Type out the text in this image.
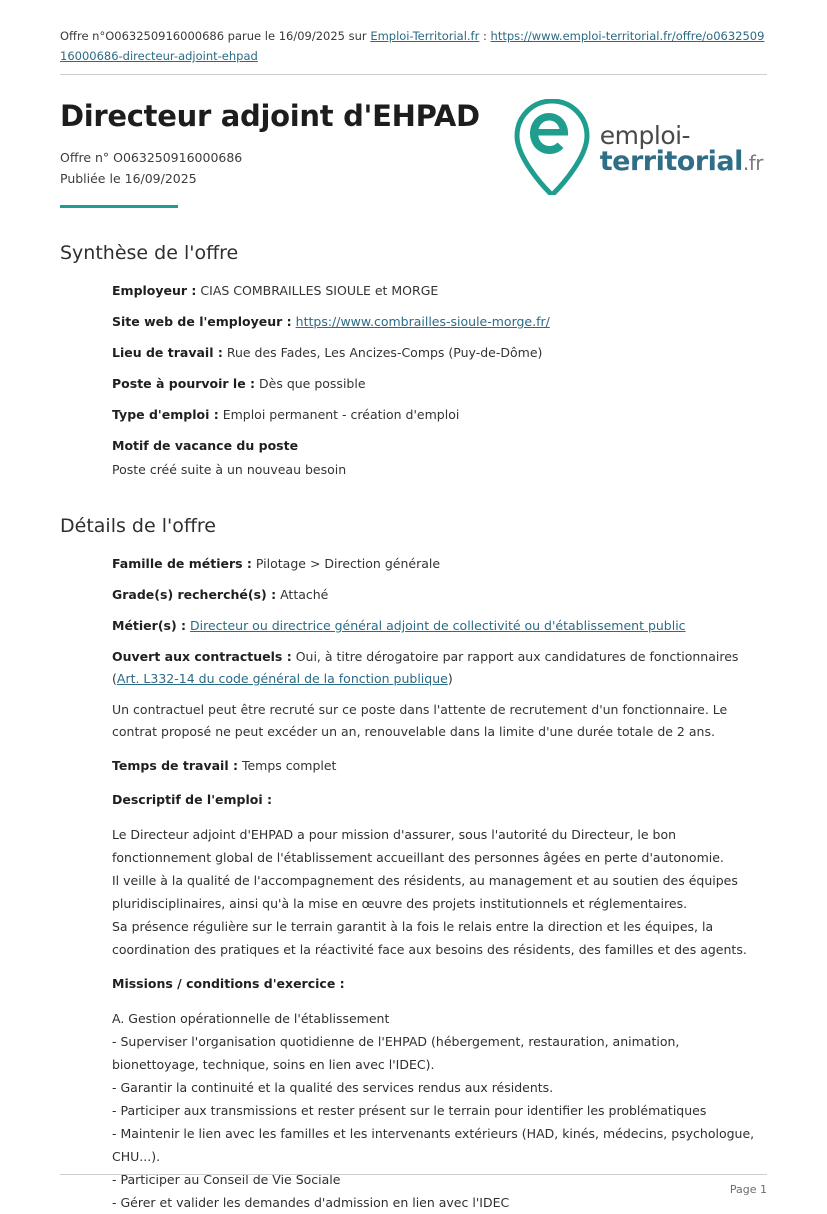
Offre n°O063250916000686 parue le 16/09/2025 sur Emploi-Territorial.fr : https://www.emploi-territorial.fr/offre/o063250916000686-directeur-adjoint-ehpad
Directeur adjoint d'EHPAD
Offre n° O063250916000686
Publiée le 16/09/2025
emploi-
territorial.fr
Synthèse de l'offre
Employeur : CIAS COMBRAILLES SIOULE et MORGE
Site web de l'employeur : https://www.combrailles-sioule-morge.fr/
Lieu de travail : Rue des Fades, Les Ancizes-Comps (Puy-de-Dôme)
Poste à pourvoir le : Dès que possible
Type d'emploi : Emploi permanent - création d'emploi
Motif de vacance du poste
Poste créé suite à un nouveau besoin
Détails de l'offre
Famille de métiers : Pilotage > Direction générale
Grade(s) recherché(s) : Attaché
Métier(s) : Directeur ou directrice général adjoint de collectivité ou d'établissement public
Ouvert aux contractuels : Oui, à titre dérogatoire par rapport aux candidatures de fonctionnaires (Art. L332-14 du code général de la fonction publique)
Un contractuel peut être recruté sur ce poste dans l'attente de recrutement d'un fonctionnaire. Le contrat proposé ne peut excéder un an, renouvelable dans la limite d'une durée totale de 2 ans.
Temps de travail : Temps complet
Descriptif de l'emploi :

Le Directeur adjoint d'EHPAD a pour mission d'assurer, sous l'autorité du Directeur, le bon fonctionnement global de l'établissement accueillant des personnes âgées en perte d'autonomie.

Il veille à la qualité de l'accompagnement des résidents, au management et au soutien des équipes pluridisciplinaires, ainsi qu'à la mise en œuvre des projets institutionnels et réglementaires.

Sa présence régulière sur le terrain garantit à la fois le relais entre la direction et les équipes, la coordination des pratiques et la réactivité face aux besoins des résidents, des familles et des agents.

Missions / conditions d'exercice :

A. Gestion opérationnelle de l'établissement

- Superviser l'organisation quotidienne de l'EHPAD (hébergement, restauration, animation, bionettoyage, technique, soins en lien avec l'IDEC).

- Garantir la continuité et la qualité des services rendus aux résidents.

- Participer aux transmissions et rester présent sur le terrain pour identifier les problématiques

- Maintenir le lien avec les familles et les intervenants extérieurs (HAD, kinés, médecins, psychologue, CHU...).

- Participer au Conseil de Vie Sociale

- Gérer et valider les demandes d'admission en lien avec l'IDEC

Page 1
